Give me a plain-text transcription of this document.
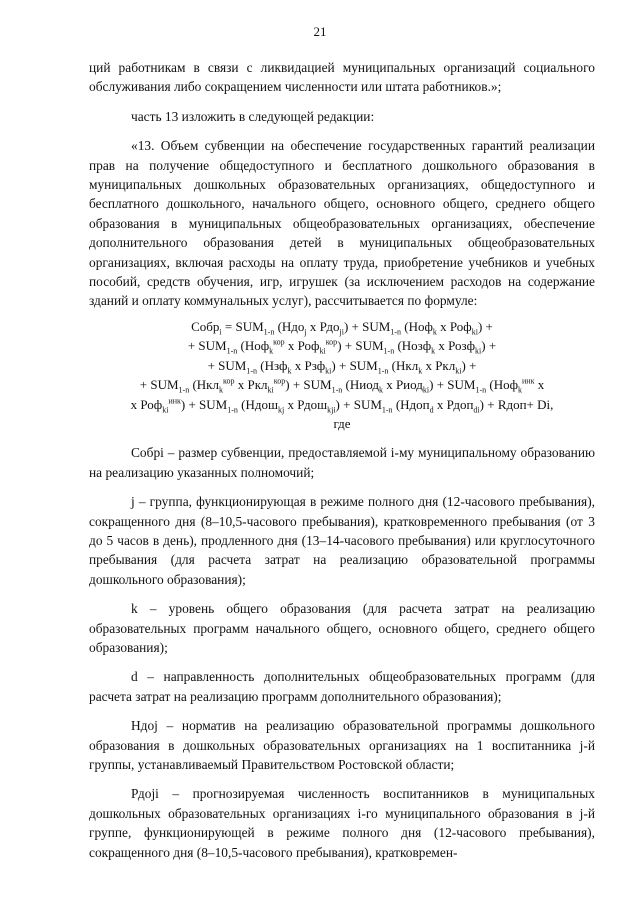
21

ций работникам в связи с ликвидацией муниципальных организаций социального обслуживания либо сокращением численности или штата работников.»;

часть 13 изложить в следующей редакции:

«13. Объем субвенции на обеспечение государственных гарантий реализации прав на получение общедоступного и бесплатного дошкольного образования в муниципальных дошкольных образовательных организациях, общедоступного и бесплатного дошкольного, начального общего, основного общего, среднего общего образования в муниципальных общеобразовательных организациях, обеспечение дополнительного образования детей в муниципальных общеобразовательных организациях, включая расходы на оплату труда, приобретение учебников и учебных пособий, средств обучения, игр, игрушек (за исключением расходов на содержание зданий и оплату коммунальных услуг), рассчитывается по формуле:

Собр$_i$ = $SUM_{1-n}$ (Ндо$_j$ x $Рдо_{ji}) + SUM_{1-n}$ (Ноф$_k$ x Роф$_{ki}$) +
+ $SUM_{1-n}$ (Ноф$_k^{кор}$ x $Роф_{ki}^{кор}) + SUM_{1-n}$ (Нозф$_k$ x Розф$_{ki}$) +
+ $SUM_{1-n}$ (Нзф$_k$ x $Рзф_{ki}) + SUM_{1-n}$ (Нкл$_k$ x Ркл$_{ki}$) +
+ $SUM_{1-n}$ (Нкл$_k^{кор}$ x $Ркл_{ki}^{кор}) + SUM_{1-n}$ (Ниод$_k$ x Риод$_{ki}$) + $SUM_{1-n}$ (Ноф$_k^{инк}$ x
x $Роф_{ki}^{инк}) + SUM_{1-n}$ (Ндош$_{kj}$ x Рдош$_{kji}$) + $SUM_{1-n}$ (Ндоп$_d$ x Рдоп$_{di}$) + Rдоп+ Di,
где

Собрi – размер субвенции, предоставляемой i-му муниципальному образованию на реализацию указанных полномочий;

j – группа, функционирующая в режиме полного дня (12-часового пребывания), сокращенного дня (8–10,5-часового пребывания), кратковременного пребывания (от 3 до 5 часов в день), продленного дня (13–14-часового пребывания) или круглосуточного пребывания (для расчета затрат на реализацию образовательной программы дошкольного образования);

k – уровень общего образования (для расчета затрат на реализацию образовательных программ начального общего, основного общего, среднего общего образования);

d – направленность дополнительных общеобразовательных программ (для расчета затрат на реализацию программ дополнительного образования);

Ндоj – норматив на реализацию образовательной программы дошкольного образования в дошкольных образовательных организациях на 1 воспитанника j-й группы, устанавливаемый Правительством Ростовской области;

Рдоji – прогнозируемая численность воспитанников в муниципальных дошкольных образовательных организациях i-го муниципального образования в j-й группе, функционирующей в режиме полного дня (12-часового пребывания), сокращенного дня (8–10,5-часового пребывания), кратковремен-
